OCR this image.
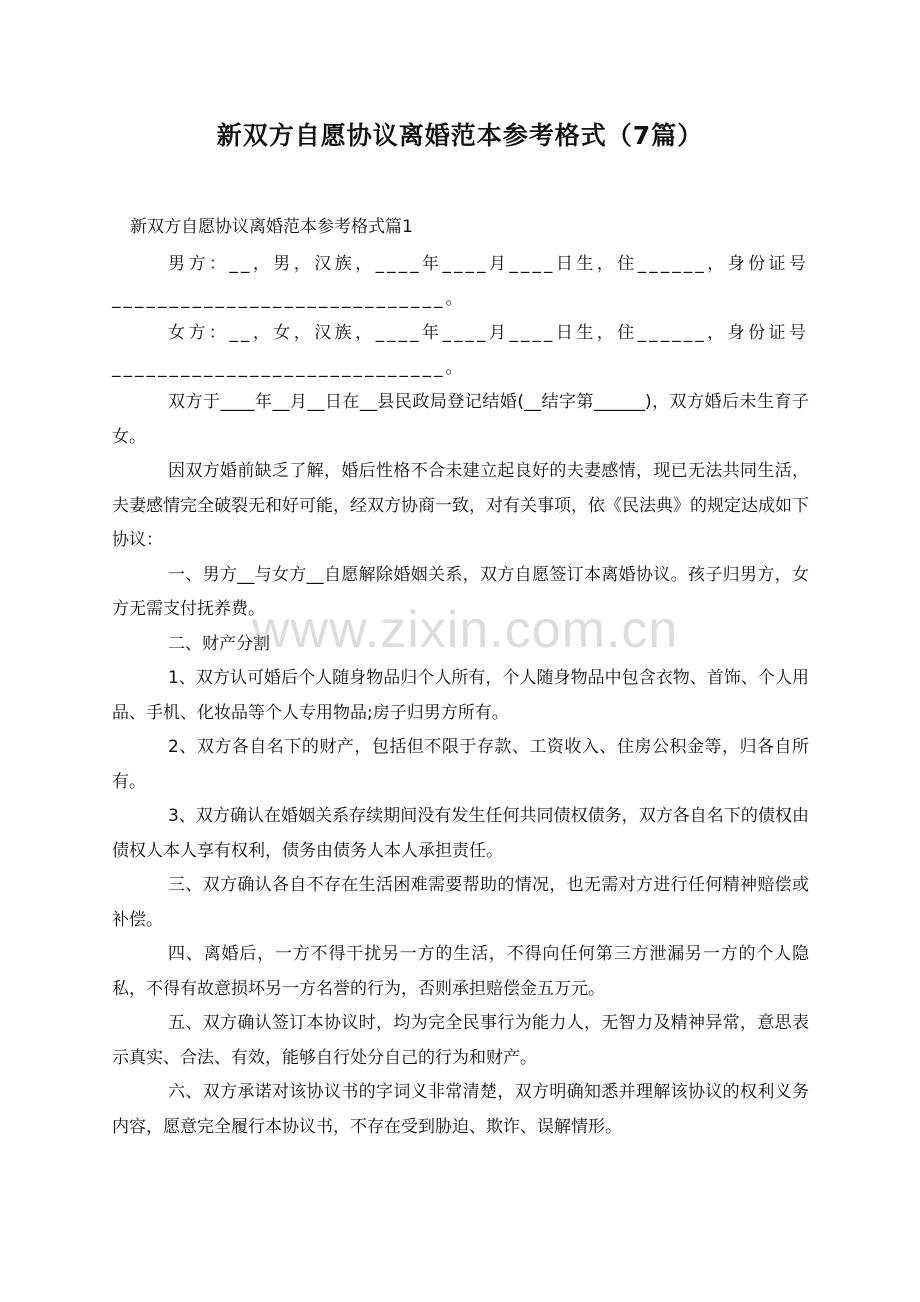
新双方自愿协议离婚范本参考格式（7篇）
新双方自愿协议离婚范本参考格式篇1

男方：__，男，汉族，____年____月____日生，住______，身份证号_____________________________。

女方：__，女，汉族，____年____月____日生，住______，身份证号_____________________________。

双方于____年__月__日在__县民政局登记结婚(__结字第______)，双方婚后未生育子女。

因双方婚前缺乏了解，婚后性格不合未建立起良好的夫妻感情，现已无法共同生活，夫妻感情完全破裂无和好可能，经双方协商一致，对有关事项，依《民法典》的规定达成如下协议：

一、男方__与女方__自愿解除婚姻关系，双方自愿签订本离婚协议。孩子归男方，女方无需支付抚养费。

二、财产分割

1、双方认可婚后个人随身物品归个人所有，个人随身物品中包含衣物、首饰、个人用品、手机、化妆品等个人专用物品;房子归男方所有。

2、双方各自名下的财产，包括但不限于存款、工资收入、住房公积金等，归各自所有。

3、双方确认在婚姻关系存续期间没有发生任何共同债权债务，双方各自名下的债权由债权人本人享有权利，债务由债务人本人承担责任。

三、双方确认各自不存在生活困难需要帮助的情况，也无需对方进行任何精神赔偿或补偿。

四、离婚后，一方不得干扰另一方的生活，不得向任何第三方泄漏另一方的个人隐私，不得有故意损坏另一方名誉的行为，否则承担赔偿金五万元。

五、双方确认签订本协议时，均为完全民事行为能力人，无智力及精神异常，意思表示真实、合法、有效，能够自行处分自己的行为和财产。

六、双方承诺对该协议书的字词义非常清楚，双方明确知悉并理解该协议的权利义务内容，愿意完全履行本协议书，不存在受到胁迫、欺诈、误解情形。

www.zixin.com.cn
